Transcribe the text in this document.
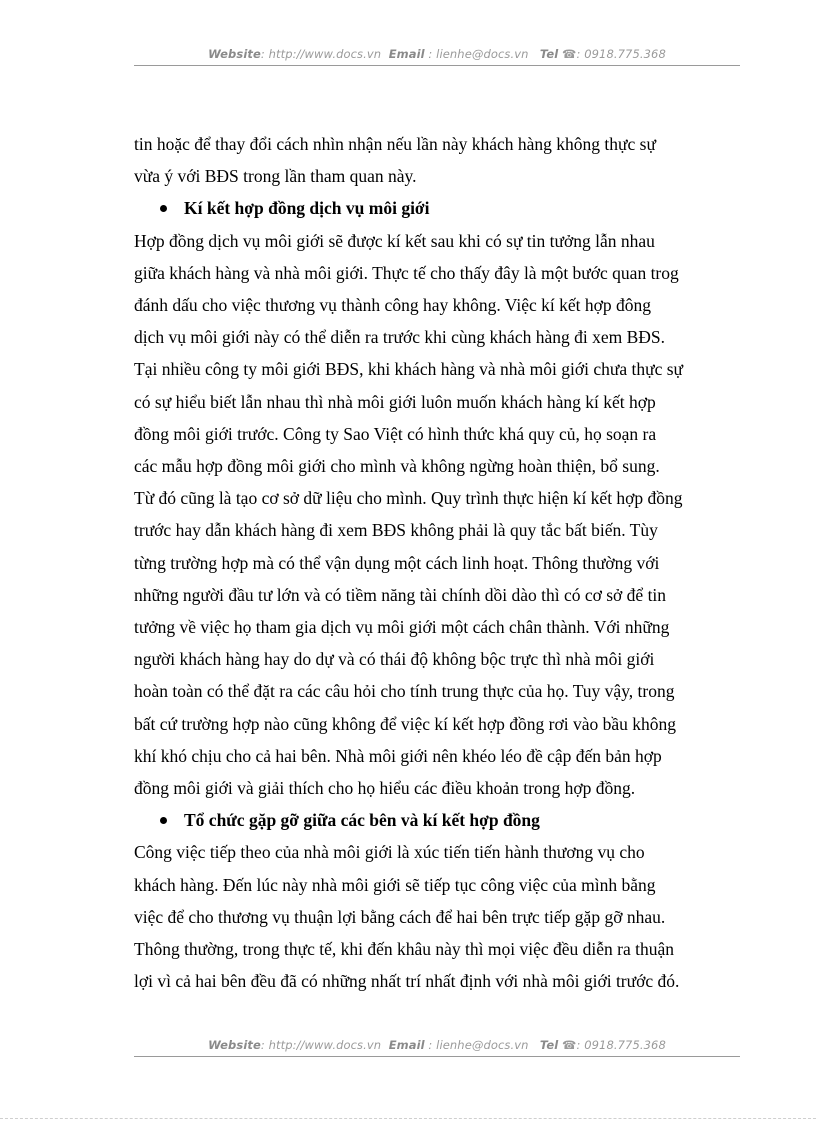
Website: http://www.docs.vn Email : lienhe@docs.vn Tel ☎: 0918.775.368

tin hoặc để thay đổi cách nhìn nhận nếu lần này khách hàng không thực sự

vừa ý với BĐS trong lần tham quan này.

Kí kết hợp đồng dịch vụ môi giới

Hợp đồng dịch vụ môi giới sẽ được kí kết sau khi có sự tin tưởng lẫn nhau

giữa khách hàng và nhà môi giới. Thực tế cho thấy đây là một bước quan trog

đánh dấu cho việc thương vụ thành công hay không. Việc kí kết hợp đông

dịch vụ môi giới này có thể diễn ra trước khi cùng khách hàng đi xem BĐS.

Tại nhiều công ty môi giới BĐS, khi khách hàng và nhà môi giới chưa thực sự

có sự hiểu biết lẫn nhau thì nhà môi giới luôn muốn khách hàng kí kết hợp

đồng môi giới trước. Công ty Sao Việt có hình thức khá quy củ, họ soạn ra

các mẫu hợp đồng môi giới cho mình và không ngừng hoàn thiện, bổ sung.

Từ đó cũng là tạo cơ sở dữ liệu cho mình. Quy trình thực hiện kí kết hợp đồng

trước hay dẫn khách hàng đi xem BĐS không phải là quy tắc bất biến. Tùy

từng trường hợp mà có thể vận dụng một cách linh hoạt. Thông thường với

những người đầu tư lớn và có tiềm năng tài chính dồi dào thì có cơ sở để tin

tưởng về việc họ tham gia dịch vụ môi giới một cách chân thành. Với những

người khách hàng hay do dự và có thái độ không bộc trực thì nhà môi giới

hoàn toàn có thể đặt ra các câu hỏi cho tính trung thực của họ. Tuy vậy, trong

bất cứ trường hợp nào cũng không để việc kí kết hợp đồng rơi vào bầu không

khí khó chịu cho cả hai bên. Nhà môi giới nên khéo léo đề cập đến bản hợp

đồng môi giới và giải thích cho họ hiểu các điều khoản trong hợp đồng.

Tổ chức gặp gỡ giữa các bên và kí kết hợp đồng

Công việc tiếp theo của nhà môi giới là xúc tiến tiến hành thương vụ cho

khách hàng. Đến lúc này nhà môi giới sẽ tiếp tục công việc của mình bằng

việc để cho thương vụ thuận lợi bằng cách để hai bên trực tiếp gặp gỡ nhau.

Thông thường, trong thực tế, khi đến khâu này thì mọi việc đều diễn ra thuận

lợi vì cả hai bên đều đã có những nhất trí nhất định với nhà môi giới trước đó.

Website: http://www.docs.vn Email : lienhe@docs.vn Tel ☎: 0918.775.368
